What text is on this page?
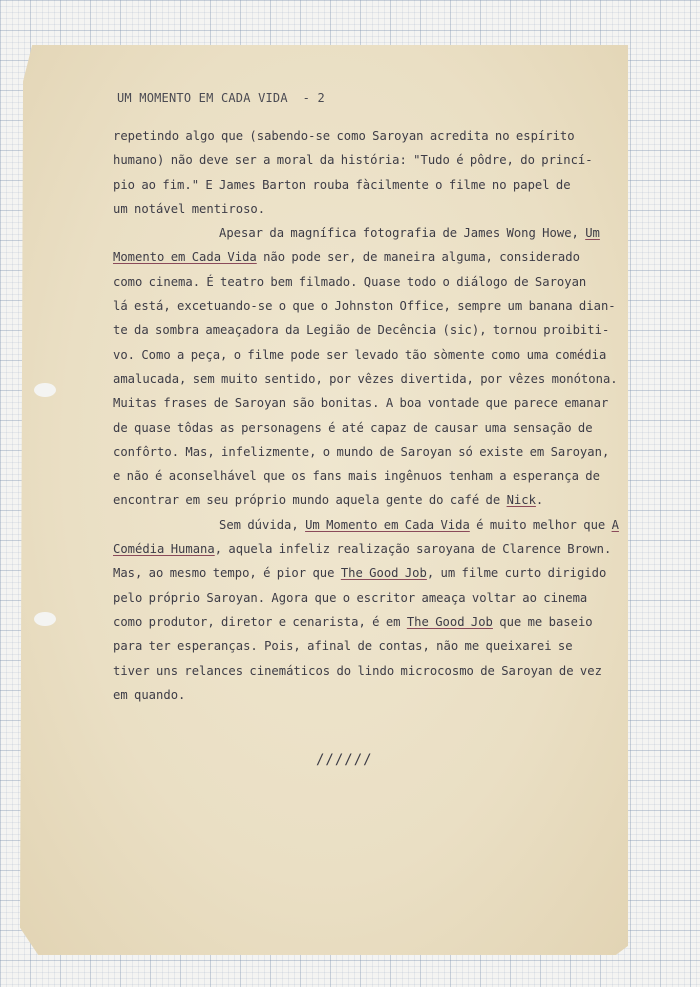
UM MOMENTO EM CADA VIDA  - 2
repetindo algo que (sabendo-se como Saroyan acredita no espírito
humano) não deve ser a moral da história: "Tudo é pôdre, do princí-
pio ao fim." E James Barton rouba fàcilmente o filme no papel de
um notável mentiroso.
Apesar da magnífica fotografia de James Wong Howe, Um
Momento em Cada Vida não pode ser, de maneira alguma, considerado
como cinema. É teatro bem filmado. Quase todo o diálogo de Saroyan
lá está, excetuando-se o que o Johnston Office, sempre um banana dian-
te da sombra ameaçadora da Legião de Decência (sic), tornou proibiti-
vo. Como a peça, o filme pode ser levado tão sòmente como uma comédia
amalucada, sem muito sentido, por vêzes divertida, por vêzes monótona.
Muitas frases de Saroyan são bonitas. A boa vontade que parece emanar
de quase tôdas as personagens é até capaz de causar uma sensação de
confôrto. Mas, infelizmente, o mundo de Saroyan só existe em Saroyan,
e não é aconselhável que os fans mais ingênuos tenham a esperança de
encontrar em seu próprio mundo aquela gente do café de Nick.
Sem dúvida, Um Momento em Cada Vida é muito melhor que A
Comédia Humana, aquela infeliz realização saroyana de Clarence Brown.
Mas, ao mesmo tempo, é pior que The Good Job, um filme curto dirigido
pelo próprio Saroyan. Agora que o escritor ameaça voltar ao cinema
como produtor, diretor e cenarista, é em The Good Job que me baseio
para ter esperanças. Pois, afinal de contas, não me queixarei se
tiver uns relances cinemáticos do lindo microcosmo de Saroyan de vez
em quando.
//////
